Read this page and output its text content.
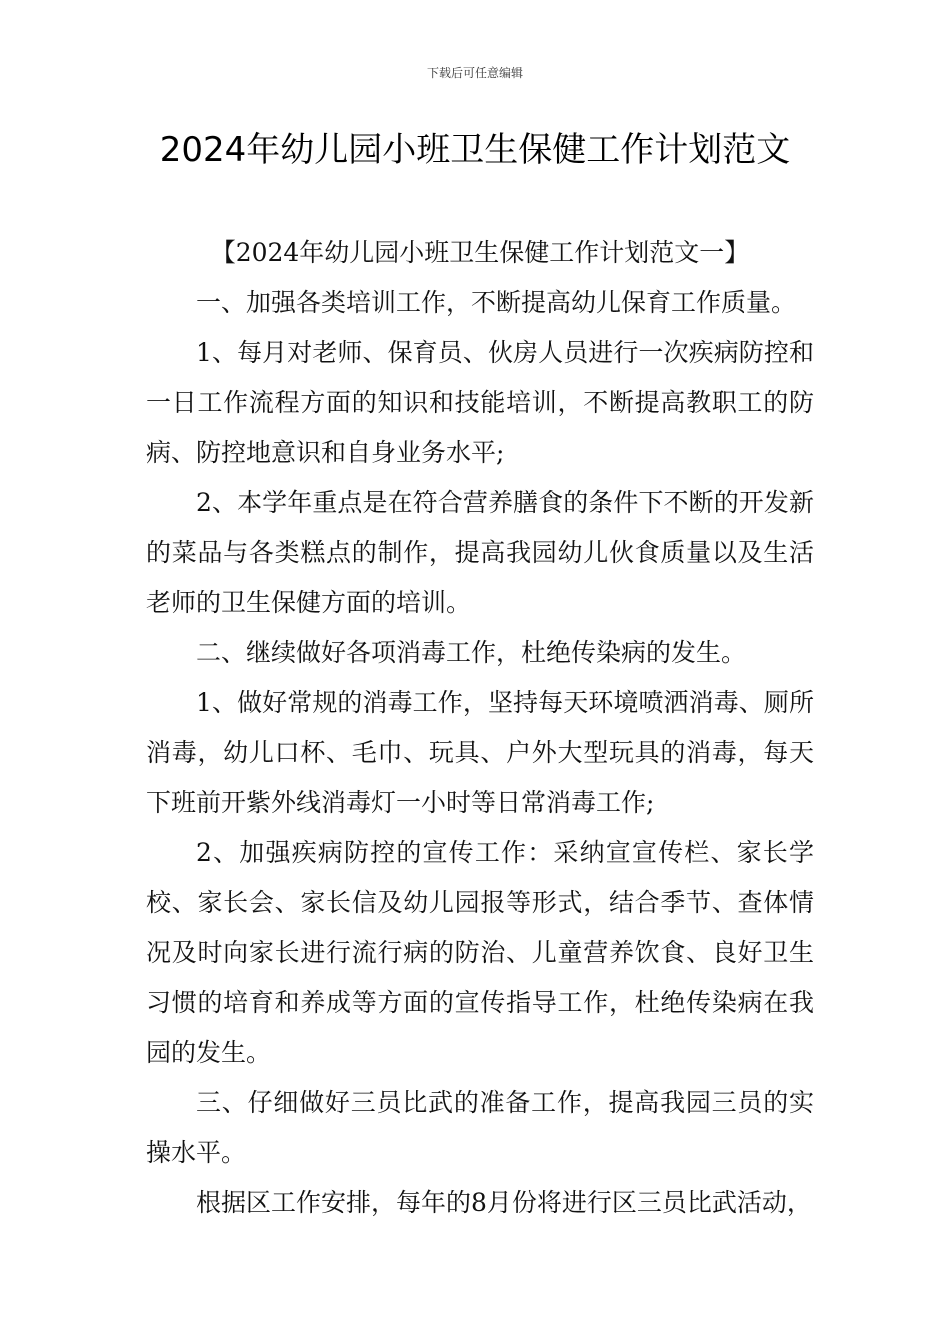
下载后可任意编辑
2024年幼儿园小班卫生保健工作计划范文

【2024年幼儿园小班卫生保健工作计划范文一】

一、加强各类培训工作，不断提高幼儿保育工作质量。

1、每月对老师、保育员、伙房人员进行一次疾病防控和一日工作流程方面的知识和技能培训，不断提高教职工的防病、防控地意识和自身业务水平;

2、本学年重点是在符合营养膳食的条件下不断的开发新的菜品与各类糕点的制作，提高我园幼儿伙食质量以及生活老师的卫生保健方面的培训。

二、继续做好各项消毒工作，杜绝传染病的发生。

1、做好常规的消毒工作，坚持每天环境喷洒消毒、厕所消毒，幼儿口杯、毛巾、玩具、户外大型玩具的消毒，每天下班前开紫外线消毒灯一小时等日常消毒工作;

2、加强疾病防控的宣传工作：采纳宣宣传栏、家长学校、家长会、家长信及幼儿园报等形式，结合季节、查体情况及时向家长进行流行病的防治、儿童营养饮食、良好卫生习惯的培育和养成等方面的宣传指导工作，杜绝传染病在我园的发生。

三、仔细做好三员比武的准备工作，提高我园三员的实操水平。

根据区工作安排，每年的8月份将进行区三员比武活动，
